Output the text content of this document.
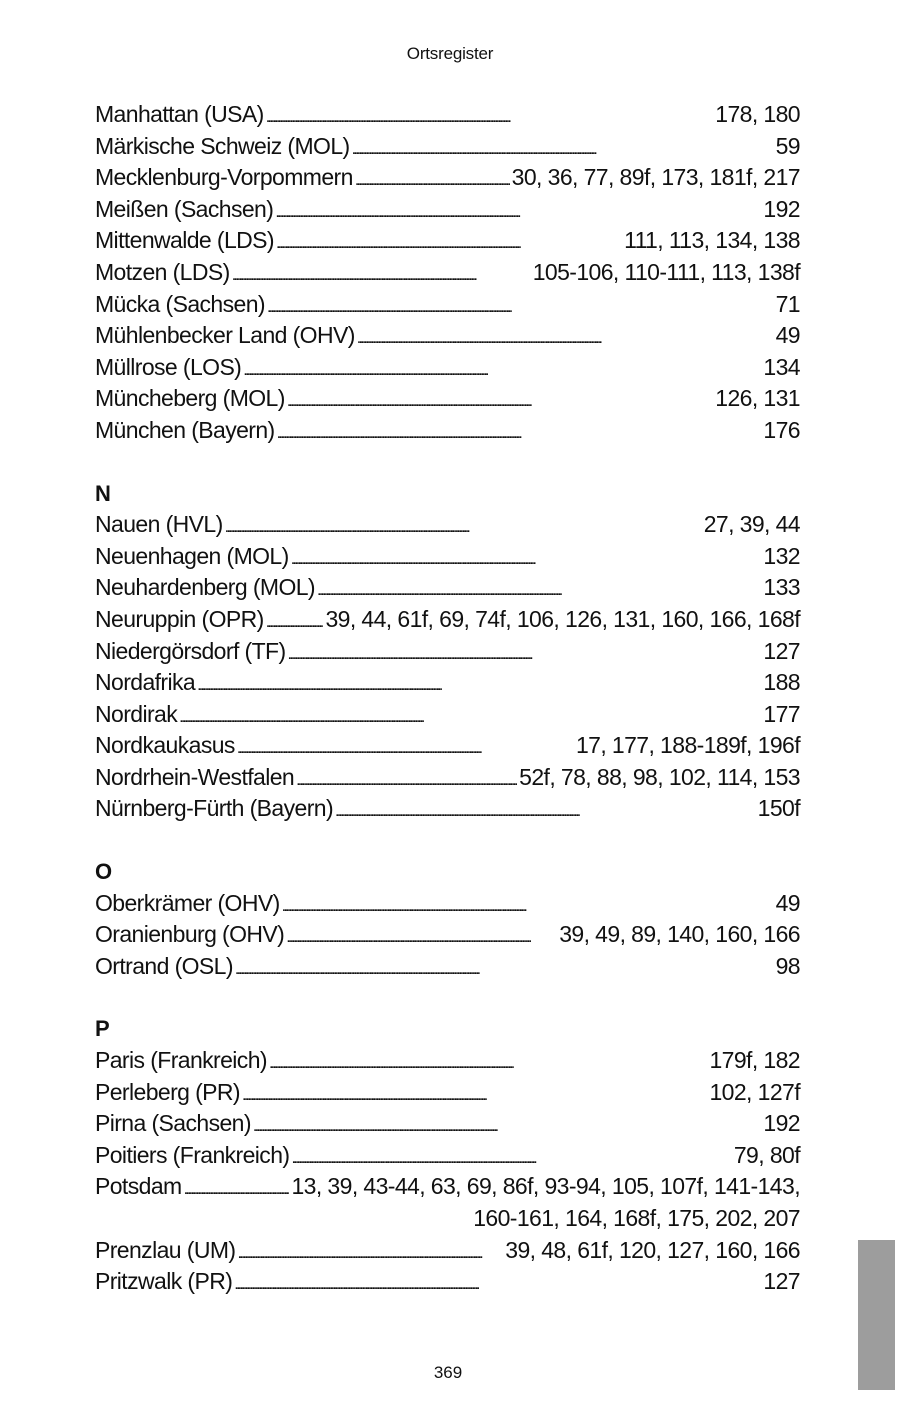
Ortsregister
Manhattan (USA) . . .	178, 180
Märkische Schweiz (MOL) . . .	59
Mecklenburg-Vorpommern . . .	30, 36, 77, 89f, 173, 181f, 217
Meißen (Sachsen) . . .	192
Mittenwalde (LDS) . . .	111, 113, 134, 138
Motzen (LDS) . . .	105-106, 110-111, 113, 138f
Mücka (Sachsen) . . .	71
Mühlenbecker Land (OHV) . . .	49
Müllrose (LOS) . . .	134
Müncheberg (MOL) . . .	126, 131
München (Bayern) . . .	176
N
Nauen (HVL) . . .	27, 39, 44
Neuenhagen (MOL) . . .	132
Neuhardenberg (MOL) . . .	133
Neuruppin (OPR) . . .	39, 44, 61f, 69, 74f, 106, 126, 131, 160, 166, 168f
Niedergörsdorf (TF) . . .	127
Nordafrika . . .	188
Nordirak . . .	177
Nordkaukasus . . .	17, 177, 188-189f, 196f
Nordrhein-Westfalen . . .	52f, 78, 88, 98, 102, 114, 153
Nürnberg-Fürth (Bayern) . . .	150f
O
Oberkrämer (OHV) . . .	49
Oranienburg (OHV) . . .	39, 49, 89, 140, 160, 166
Ortrand (OSL) . . .	98
P
Paris (Frankreich) . . .	179f, 182
Perleberg (PR) . . .	102, 127f
Pirna (Sachsen) . . .	192
Poitiers (Frankreich) . . .	79, 80f
Potsdam . . .	13, 39, 43-44, 63, 69, 86f, 93-94, 105, 107f, 141-143,
160-161, 164, 168f, 175, 202, 207
Prenzlau (UM) . . .	39, 48, 61f, 120, 127, 160, 166
Pritzwalk (PR) . . .	127
369
